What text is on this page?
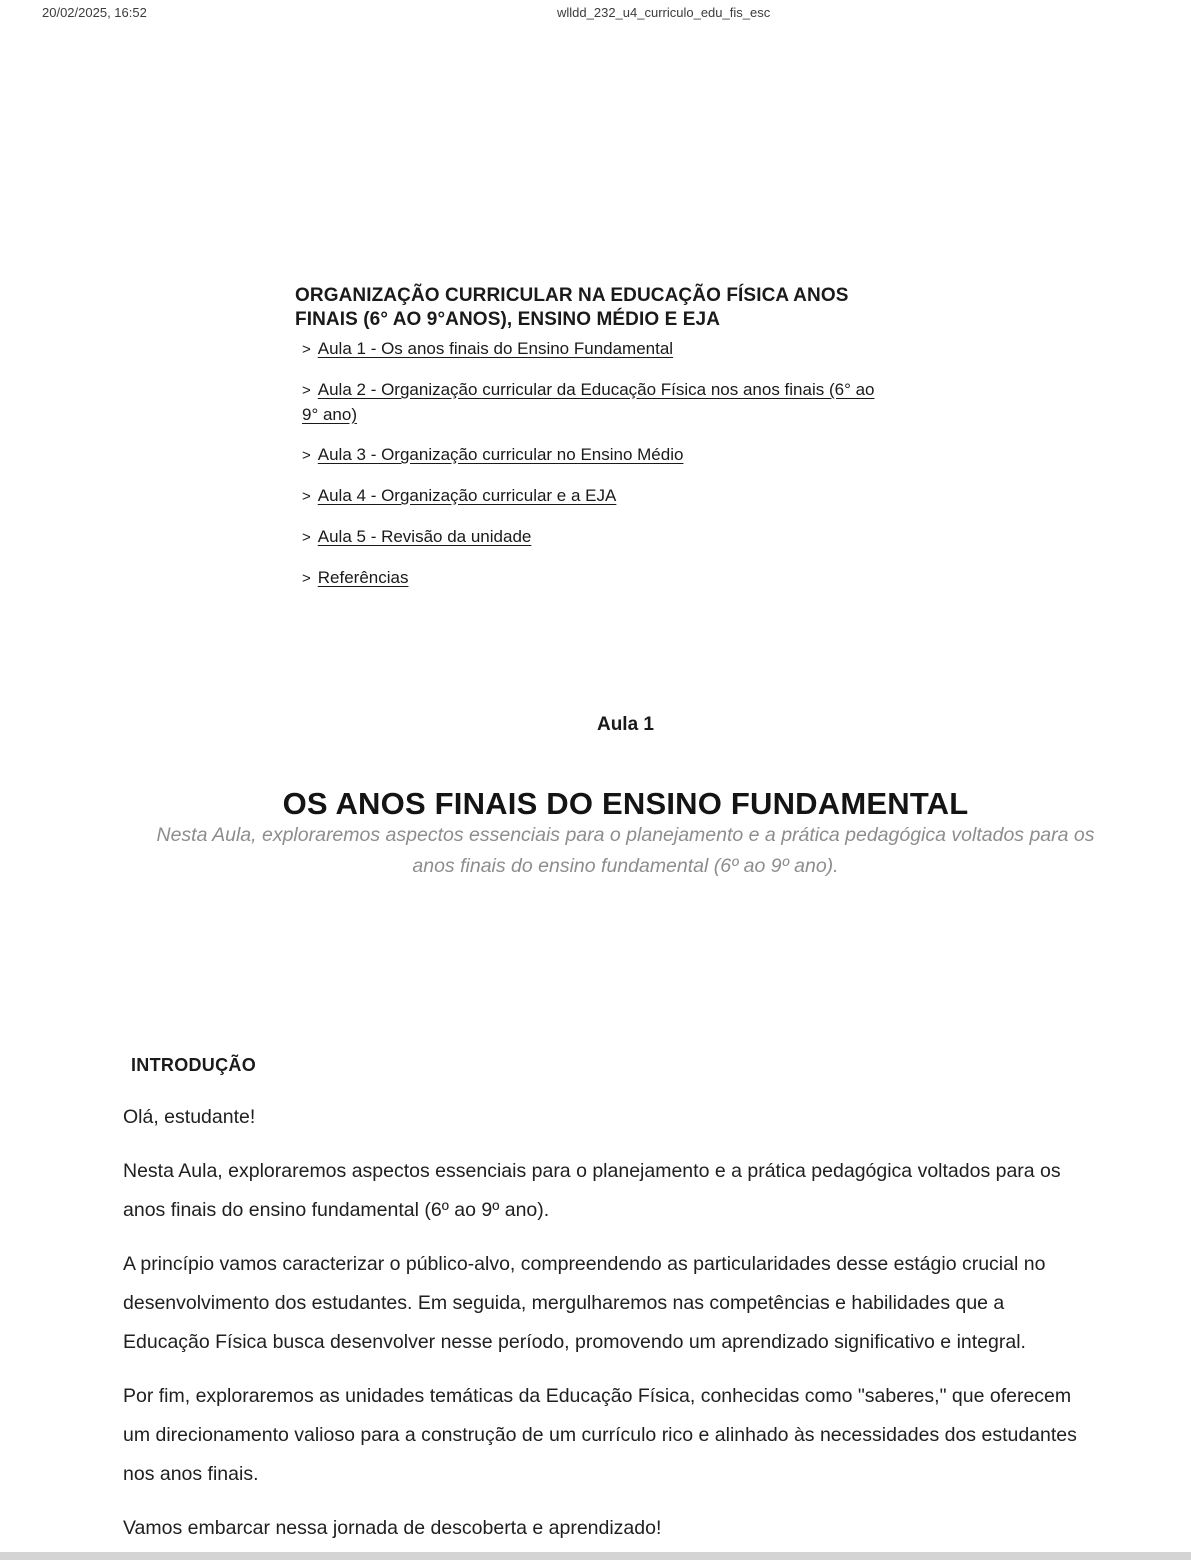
20/02/2025, 16:52	wlldd_232_u4_curriculo_edu_fis_esc
ORGANIZAÇÃO CURRICULAR NA EDUCAÇÃO FÍSICA ANOS FINAIS (6° AO 9°ANOS), ENSINO MÉDIO E EJA
> Aula 1 - Os anos finais do Ensino Fundamental
> Aula 2 - Organização curricular da Educação Física nos anos finais (6° ao 9° ano)
> Aula 3 - Organização curricular no Ensino Médio
> Aula 4 - Organização curricular e a EJA
> Aula 5 - Revisão da unidade
> Referências
Aula 1
OS ANOS FINAIS DO ENSINO FUNDAMENTAL
Nesta Aula, exploraremos aspectos essenciais para o planejamento e a prática pedagógica voltados para os anos finais do ensino fundamental (6º ao 9º ano).
INTRODUÇÃO

Olá, estudante!

Nesta Aula, exploraremos aspectos essenciais para o planejamento e a prática pedagógica voltados para os anos finais do ensino fundamental (6º ao 9º ano).

A princípio vamos caracterizar o público-alvo, compreendendo as particularidades desse estágio crucial no desenvolvimento dos estudantes. Em seguida, mergulharemos nas competências e habilidades que a Educação Física busca desenvolver nesse período, promovendo um aprendizado significativo e integral.

Por fim, exploraremos as unidades temáticas da Educação Física, conhecidas como "saberes," que oferecem um direcionamento valioso para a construção de um currículo rico e alinhado às necessidades dos estudantes nos anos finais.

Vamos embarcar nessa jornada de descoberta e aprendizado!
